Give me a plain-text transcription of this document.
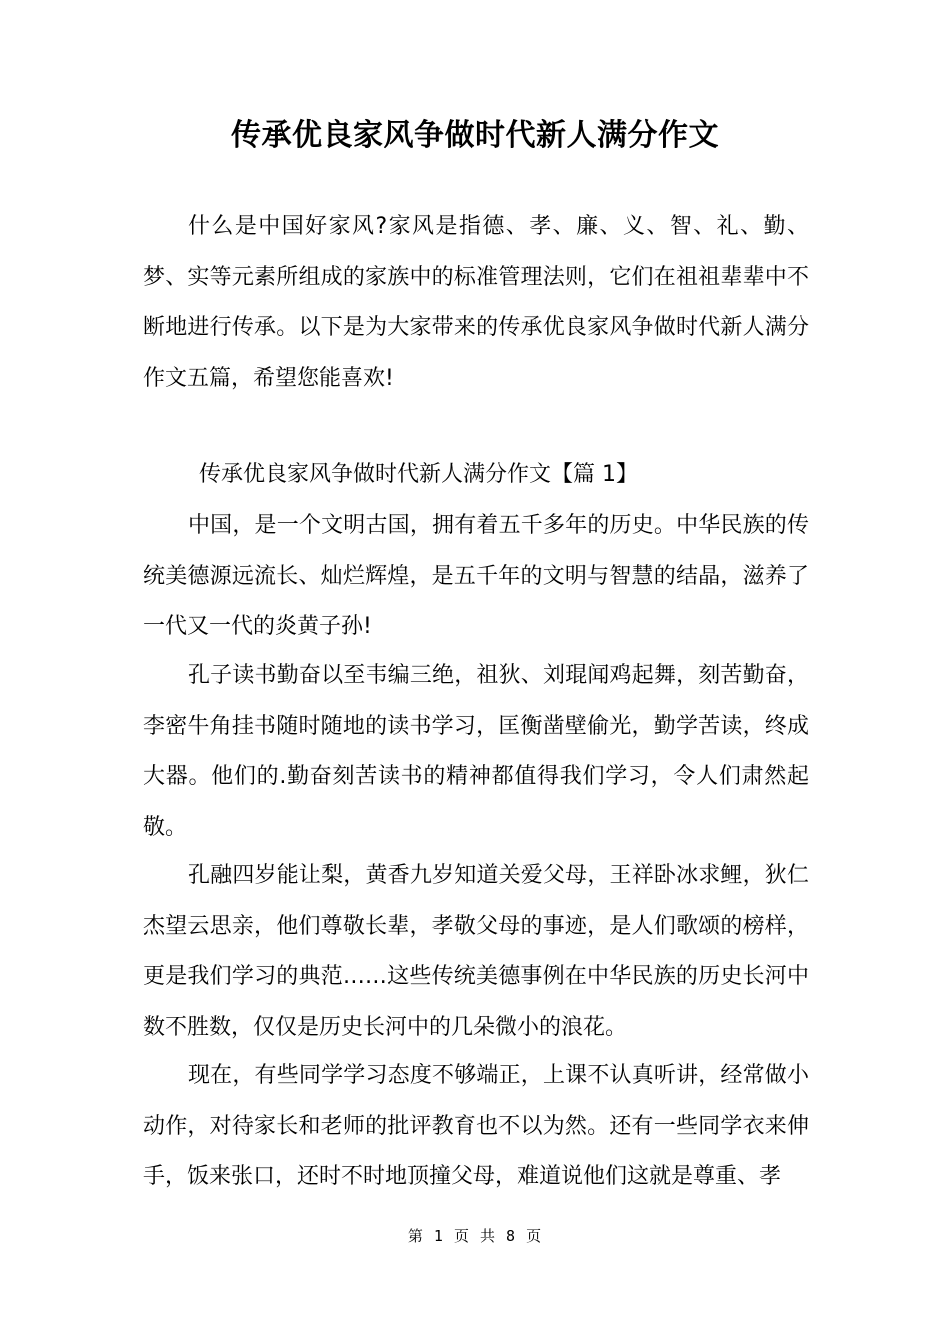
传承优良家风争做时代新人满分作文

什么是中国好家风?家风是指德、孝、廉、义、智、礼、勤、梦、实等元素所组成的家族中的标准管理法则，它们在祖祖辈辈中不断地进行传承。以下是为大家带来的传承优良家风争做时代新人满分作文五篇，希望您能喜欢!

传承优良家风争做时代新人满分作文【篇 1】

中国，是一个文明古国，拥有着五千多年的历史。中华民族的传统美德源远流长、灿烂辉煌，是五千年的文明与智慧的结晶，滋养了一代又一代的炎黄子孙!

孔子读书勤奋以至韦编三绝，祖狄、刘琨闻鸡起舞，刻苦勤奋，李密牛角挂书随时随地的读书学习，匡衡凿壁偷光，勤学苦读，终成大器。他们的.勤奋刻苦读书的精神都值得我们学习，令人们肃然起敬。

孔融四岁能让梨，黄香九岁知道关爱父母，王祥卧冰求鲤，狄仁杰望云思亲，他们尊敬长辈，孝敬父母的事迹，是人们歌颂的榜样，更是我们学习的典范……这些传统美德事例在中华民族的历史长河中数不胜数，仅仅是历史长河中的几朵微小的浪花。

现在，有些同学学习态度不够端正，上课不认真听讲，经常做小动作，对待家长和老师的批评教育也不以为然。还有一些同学衣来伸手，饭来张口，还时不时地顶撞父母，难道说他们这就是尊重、孝

第 1 页 共 8 页
